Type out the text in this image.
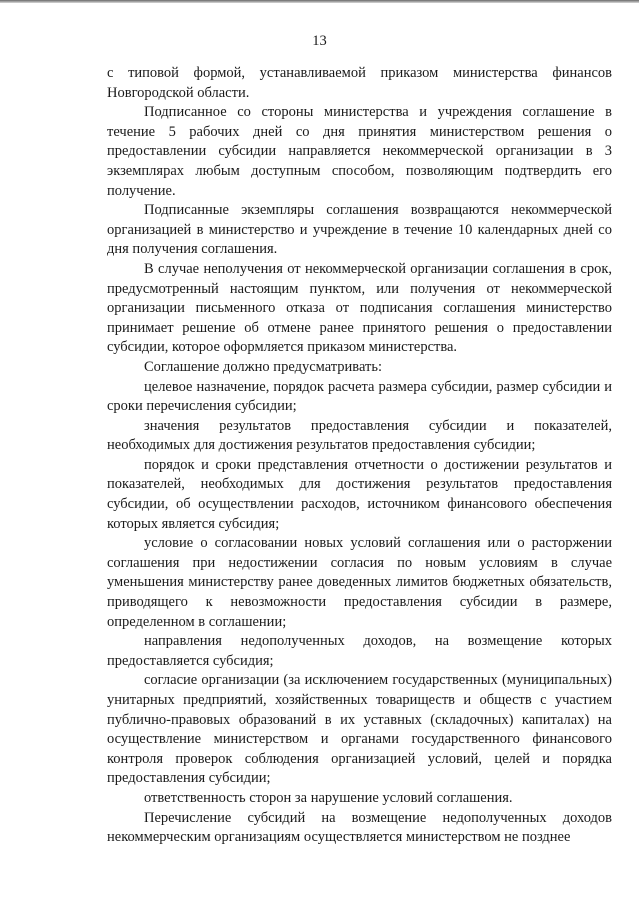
13

с типовой формой, устанавливаемой приказом министерства финансов Новгородской области.

Подписанное со стороны министерства и учреждения соглашение в течение 5 рабочих дней со дня принятия министерством решения о предоставлении субсидии направляется некоммерческой организации в 3 экземплярах любым доступным способом, позволяющим подтвердить его получение.

Подписанные экземпляры соглашения возвращаются некоммерческой организацией в министерство и учреждение в течение 10 календарных дней со дня получения соглашения.

В случае неполучения от некоммерческой организации соглашения в срок, предусмотренный настоящим пунктом, или получения от некоммерческой организации письменного отказа от подписания соглашения министерство принимает решение об отмене ранее принятого решения о предоставлении субсидии, которое оформляется приказом министерства.

Соглашение должно предусматривать:

целевое назначение, порядок расчета размера субсидии, размер субсидии и сроки перечисления субсидии;

значения результатов предоставления субсидии и показателей, необходимых для достижения результатов предоставления субсидии;

порядок и сроки представления отчетности о достижении результатов и показателей, необходимых для достижения результатов предоставления субсидии, об осуществлении расходов, источником финансового обеспечения которых является субсидия;

условие о согласовании новых условий соглашения или о расторжении соглашения при недостижении согласия по новым условиям в случае уменьшения министерству ранее доведенных лимитов бюджетных обязательств, приводящего к невозможности предоставления субсидии в размере, определенном в соглашении;

направления недополученных доходов, на возмещение которых предоставляется субсидия;

согласие организации (за исключением государственных (муниципальных) унитарных предприятий, хозяйственных товариществ и обществ с участием публично-правовых образований в их уставных (складочных) капиталах) на осуществление министерством и органами государственного финансового контроля проверок соблюдения организацией условий, целей и порядка предоставления субсидии;

ответственность сторон за нарушение условий соглашения.

Перечисление субсидий на возмещение недополученных доходов некоммерческим организациям осуществляется министерством не позднее
